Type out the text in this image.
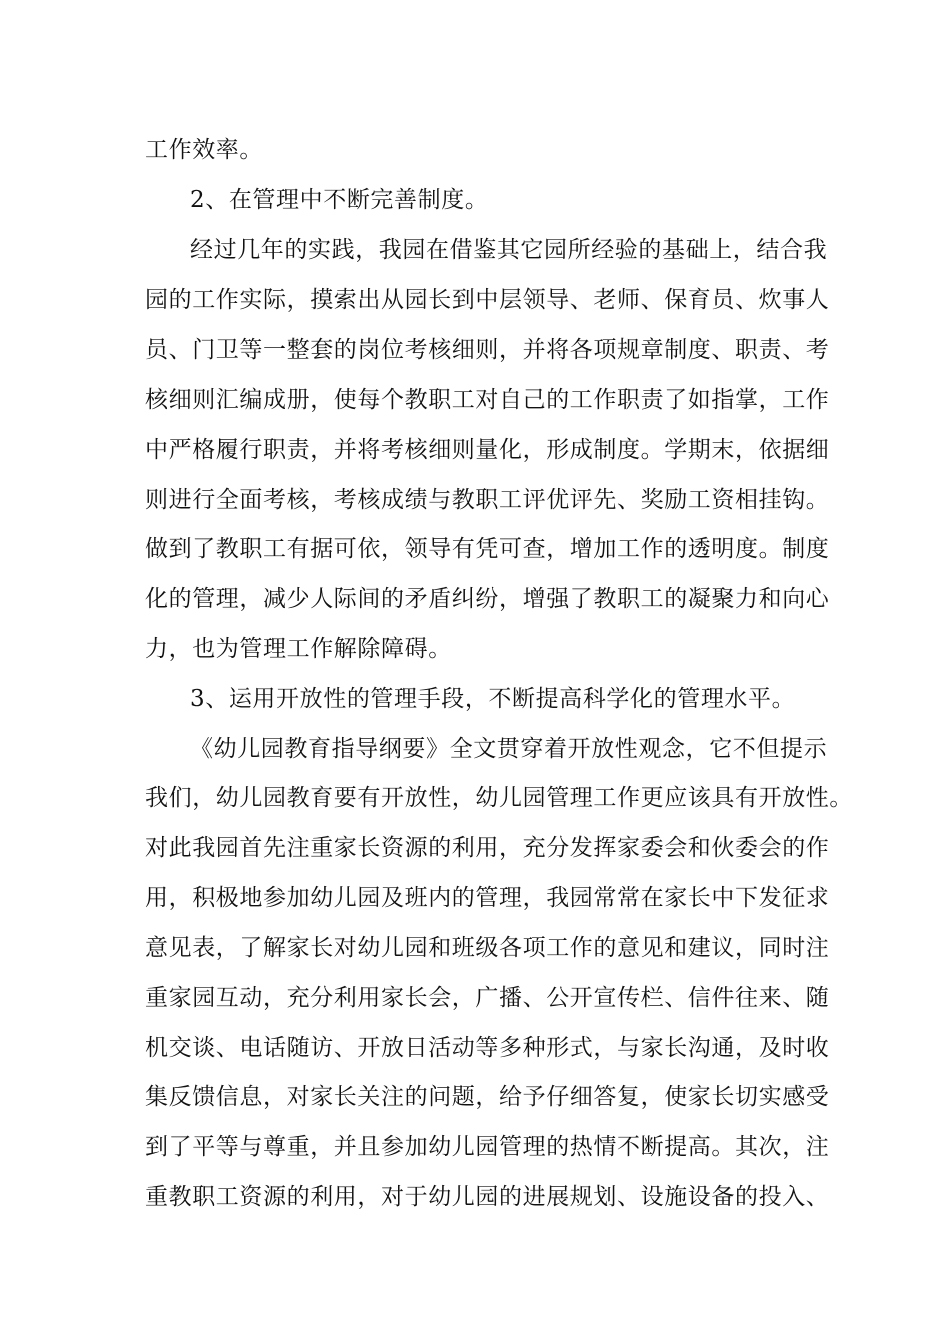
工作效率。
2、在管理中不断完善制度。
经过几年的实践，我园在借鉴其它园所经验的基础上，结合我
园的工作实际，摸索出从园长到中层领导、老师、保育员、炊事人
员、门卫等一整套的岗位考核细则，并将各项规章制度、职责、考
核细则汇编成册，使每个教职工对自己的工作职责了如指掌，工作
中严格履行职责，并将考核细则量化，形成制度。学期末，依据细
则进行全面考核，考核成绩与教职工评优评先、奖励工资相挂钩。
做到了教职工有据可依，领导有凭可查，增加工作的透明度。制度
化的管理，减少人际间的矛盾纠纷，增强了教职工的凝聚力和向心
力，也为管理工作解除障碍。
3、运用开放性的管理手段，不断提高科学化的管理水平。
《幼儿园教育指导纲要》全文贯穿着开放性观念，它不但提示
我们，幼儿园教育要有开放性，幼儿园管理工作更应该具有开放性。
对此我园首先注重家长资源的利用，充分发挥家委会和伙委会的作
用，积极地参加幼儿园及班内的管理，我园常常在家长中下发征求
意见表，了解家长对幼儿园和班级各项工作的意见和建议，同时注
重家园互动，充分利用家长会，广播、公开宣传栏、信件往来、随
机交谈、电话随访、开放日活动等多种形式，与家长沟通，及时收
集反馈信息，对家长关注的问题，给予仔细答复，使家长切实感受
到了平等与尊重，并且参加幼儿园管理的热情不断提高。其次，注
重教职工资源的利用，对于幼儿园的进展规划、设施设备的投入、
